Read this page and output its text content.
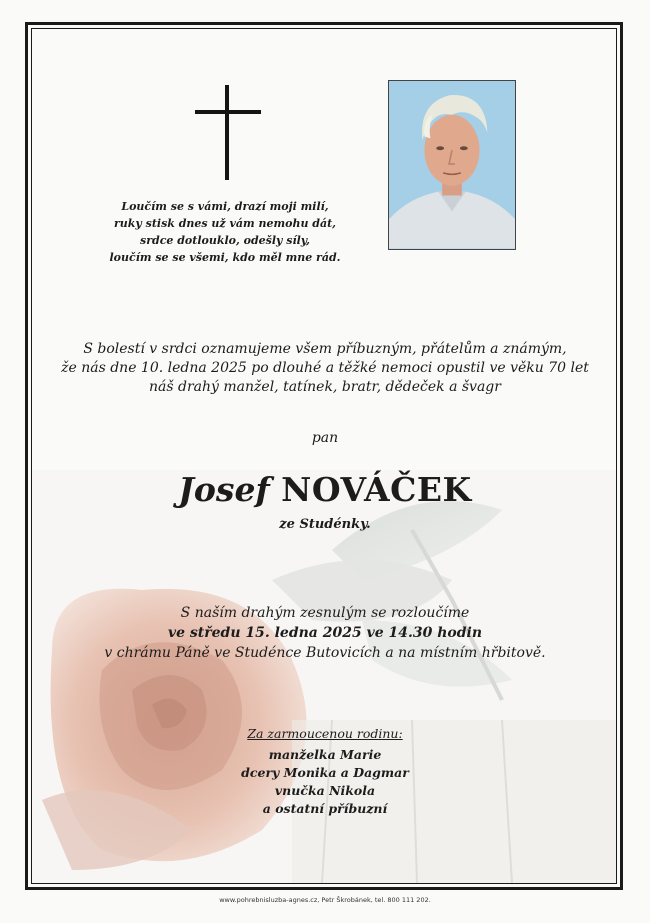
Loučím se s vámi, drazí moji milí,
ruky stisk dnes už vám nemohu dát,
srdce dotlouklo, odešly síly,
loučím se se všemi, kdo měl mne rád.
S bolestí v srdci oznamujeme všem příbuzným, přátelům a známým,
že nás dne 10. ledna 2025 po dlouhé a těžké nemoci opustil ve věku 70 let
náš drahý manžel, tatínek, bratr, dědeček a švagr
pan
Josef NOVÁČEK
ze Studénky.
S naším drahým zesnulým se rozloučíme
ve středu 15. ledna 2025 ve 14.30 hodin
v chrámu Páně ve Studénce Butovicích a na místním hřbitově.
Za zarmoucenou rodinu:
manželka Marie
dcery Monika a Dagmar
vnučka Nikola
a ostatní příbuzní
www.pohrebnisluzba-agnes.cz, Petr Škrobánek, tel. 800 111 202.
